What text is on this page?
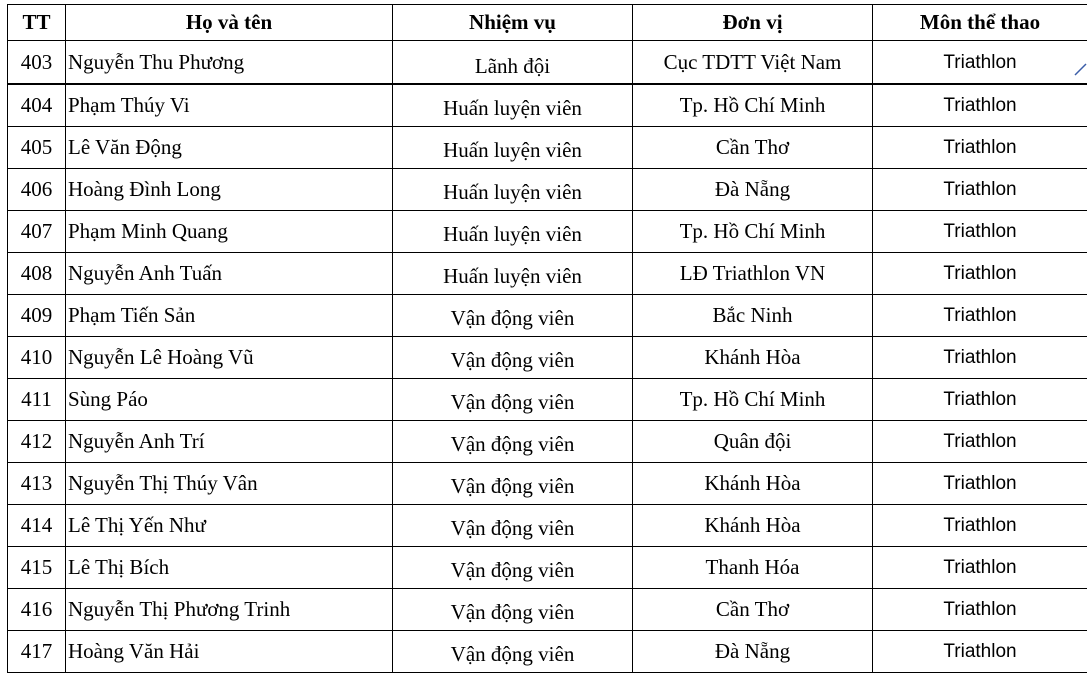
TT	Họ và tên	Nhiệm vụ	Đơn vị	Môn thể thao
403	Nguyễn Thu Phương	Lãnh đội	Cục TDTT Việt Nam	Triathlon
404	Phạm Thúy Vi	Huấn luyện viên	Tp. Hồ Chí Minh	Triathlon
405	Lê Văn Động	Huấn luyện viên	Cần Thơ	Triathlon
406	Hoàng Đình Long	Huấn luyện viên	Đà Nẵng	Triathlon
407	Phạm Minh Quang	Huấn luyện viên	Tp. Hồ Chí Minh	Triathlon
408	Nguyễn Anh Tuấn	Huấn luyện viên	LĐ Triathlon VN	Triathlon
409	Phạm Tiến Sản	Vận động viên	Bắc Ninh	Triathlon
410	Nguyễn Lê Hoàng Vũ	Vận động viên	Khánh Hòa	Triathlon
411	Sùng Páo	Vận động viên	Tp. Hồ Chí Minh	Triathlon
412	Nguyễn Anh Trí	Vận động viên	Quân đội	Triathlon
413	Nguyễn Thị Thúy Vân	Vận động viên	Khánh Hòa	Triathlon
414	Lê Thị Yến Như	Vận động viên	Khánh Hòa	Triathlon
415	Lê Thị Bích	Vận động viên	Thanh Hóa	Triathlon
416	Nguyễn Thị Phương Trinh	Vận động viên	Cần Thơ	Triathlon
417	Hoàng Văn Hải	Vận động viên	Đà Nẵng	Triathlon
